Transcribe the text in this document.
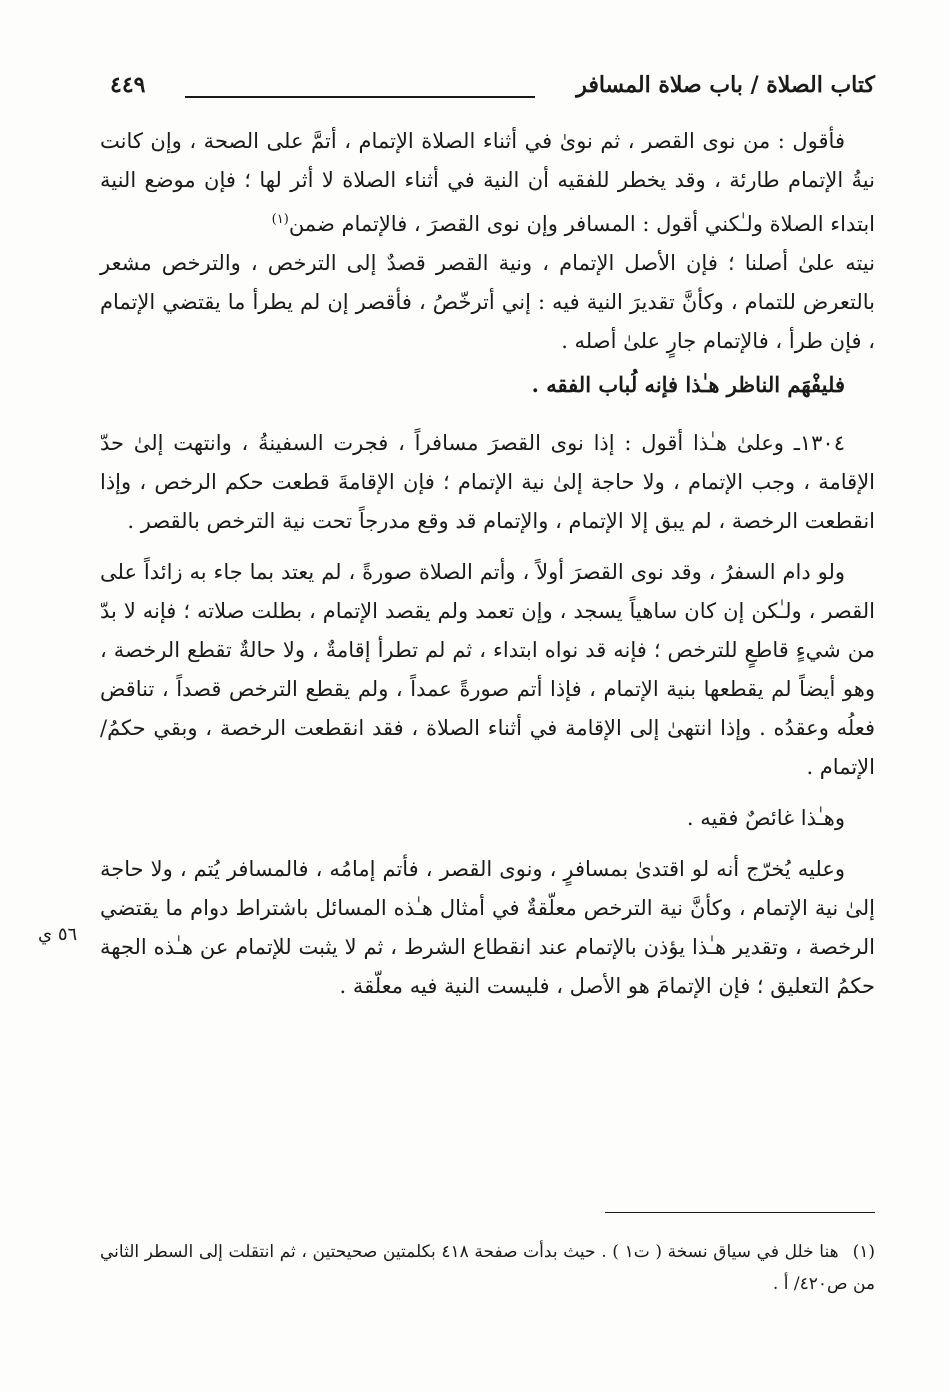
كتاب الصلاة / باب صلاة المسافر
٤٤٩

فأقول : من نوى القصر ، ثم نوىٰ في أثناء الصلاة الإتمام ، أتمَّ على الصحة ، وإن كانت نيةُ الإتمام طارئة ، وقد يخطر للفقيه أن النية في أثناء الصلاة لا أثر لها ؛ فإن موضع النية ابتداء الصلاة ولـٰكني أقول : المسافر وإن نوى القصرَ ، فالإتمام ضمن$^{(١)}$

نيته علىٰ أصلنا ؛ فإن الأصل الإتمام ، ونية القصر قصدٌ إلى الترخص ، والترخص مشعر بالتعرض للتمام ، وكأنَّ تقديرَ النية فيه : إني أترخّصُ ، فأقصر إن لم يطرأ ما يقتضي الإتمام ، فإن طرأ ، فالإتمام جارٍ علىٰ أصله .

فليفْهَم الناظر هـٰذا فإنه لُباب الفقه .

١٣٠٤ـ وعلىٰ هـٰذا أقول : إذا نوى القصرَ مسافراً ، فجرت السفينةُ ، وانتهت إلىٰ حدّ الإقامة ، وجب الإتمام ، ولا حاجة إلىٰ نية الإتمام ؛ فإن الإقامةَ قطعت حكم الرخص ، وإذا انقطعت الرخصة ، لم يبق إلا الإتمام ، والإتمام قد وقع مدرجاً تحت نية الترخص بالقصر .

ولو دام السفرُ ، وقد نوى القصرَ أولاً ، وأتم الصلاة صورةً ، لم يعتد بما جاء به زائداً على القصر ، ولـٰكن إن كان ساهياً يسجد ، وإن تعمد ولم يقصد الإتمام ، بطلت صلاته ؛ فإنه لا بدّ من شيءٍ قاطعٍ للترخص ؛ فإنه قد نواه ابتداء ، ثم لم تطرأ إقامةٌ ، ولا حالةٌ تقطع الرخصة ، وهو أيضاً لم يقطعها بنية الإتمام ، فإذا أتم صورةً عمداً ، ولم يقطع الترخص قصداً ، تناقض فعلُه وعقدُه . وإذا انتهىٰ إلى الإقامة في أثناء الصلاة ، فقد انقطعت الرخصة ، وبقي حكمُ/ الإتمام .

وهـٰذا غائصٌ فقيه .

وعليه يُخرّج أنه لو اقتدىٰ بمسافرٍ ، ونوى القصر ، فأتم إمامُه ، فالمسافر يُتم ، ولا حاجة إلىٰ نية الإتمام ، وكأنَّ نية الترخص معلّقةٌ في أمثال هـٰذه المسائل باشتراط دوام ما يقتضي الرخصة ، وتقدير هـٰذا يؤذن بالإتمام عند انقطاع الشرط ، ثم لا يثبت للإتمام عن هـٰذه الجهة حكمُ التعليق ؛ فإن الإتمامَ هو الأصل ، فليست النية فيه معلّقة .

٥٦ ي
(١)هنا خلل في سياق نسخة ( ت١ ) . حيث بدأت صفحة ٤١٨ بكلمتين صحيحتين ، ثم انتقلت إلى السطر الثاني من ص٤٢٠/ أ .
